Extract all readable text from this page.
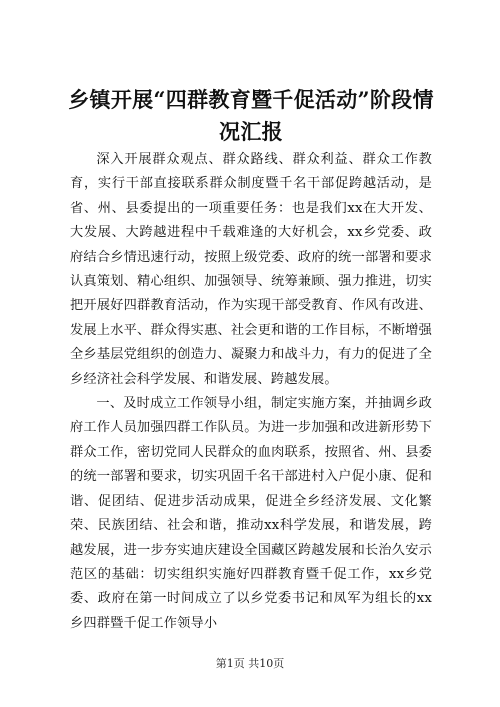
乡镇开展“四群教育暨千促活动”阶段情况汇报

深入开展群众观点、群众路线、群众利益、群众工作教育，实行干部直接联系群众制度暨千名干部促跨越活动，是省、州、县委提出的一项重要任务：也是我们xx在大开发、大发展、大跨越进程中千载难逢的大好机会，xx乡党委、政府结合乡情迅速行动，按照上级党委、政府的统一部署和要求认真策划、精心组织、加强领导、统筹兼顾、强力推进，切实把开展好四群教育活动，作为实现干部受教育、作风有改进、发展上水平、群众得实惠、社会更和谐的工作目标，不断增强全乡基层党组织的创造力、凝聚力和战斗力，有力的促进了全乡经济社会科学发展、和谐发展、跨越发展。

一、及时成立工作领导小组，制定实施方案，并抽调乡政府工作人员加强四群工作队员。为进一步加强和改进新形势下群众工作，密切党同人民群众的血肉联系，按照省、州、县委的统一部署和要求，切实巩固千名干部进村入户促小康、促和谐、促团结、促进步活动成果，促进全乡经济发展、文化繁荣、民族团结、社会和谐，推动xx科学发展，和谐发展，跨越发展，进一步夯实迪庆建设全国藏区跨越发展和长治久安示范区的基础：切实组织实施好四群教育暨千促工作，xx乡党委、政府在第一时间成立了以乡党委书记和凤军为组长的xx乡四群暨千促工作领导小

第1页 共10页
